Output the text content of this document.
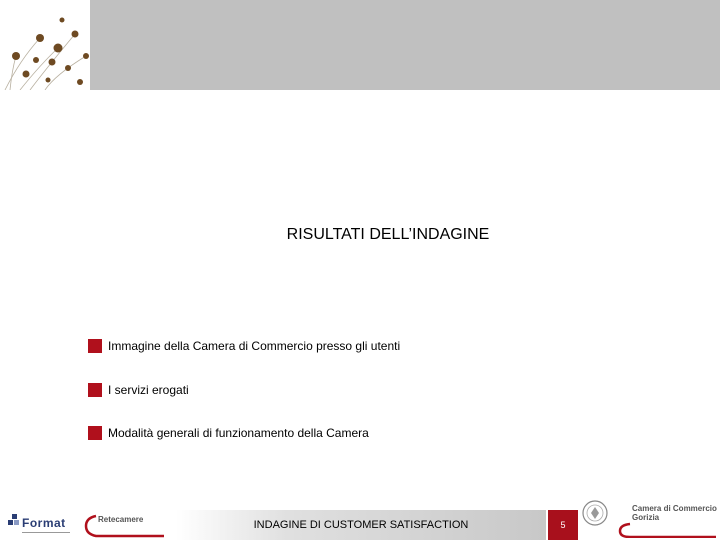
RISULTATI DELL’INDAGINE
Immagine della Camera di Commercio presso gli utenti
I servizi erogati
Modalità generali di funzionamento della Camera
Format	Retecamere	INDAGINE DI CUSTOMER SATISFACTION	5
Camera di Commercio
Gorizia
